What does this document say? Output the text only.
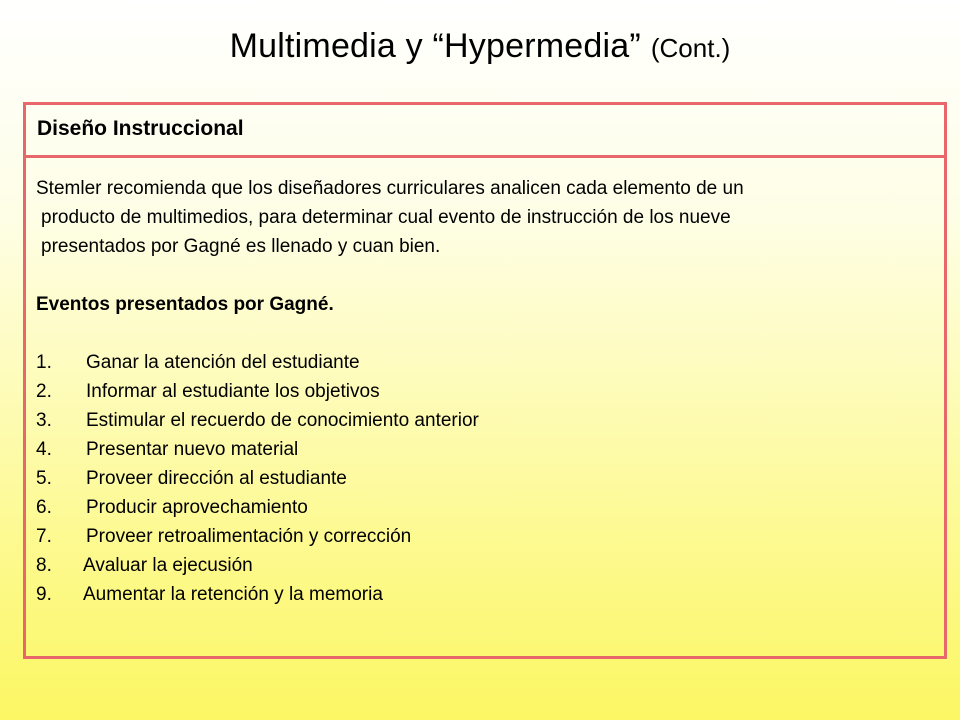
Multimedia y “Hypermedia” (Cont.)
Diseño Instruccional

Stemler recomienda que los diseñadores curriculares analicen cada elemento de un
producto de multimedios, para determinar cual evento de instrucción de los nueve
presentados por Gagné es llenado y cuan bien.

Eventos presentados por Gagné.

1.	Ganar la atención del estudiante
2.	Informar al estudiante los objetivos
3.	Estimular el recuerdo de conocimiento anterior
4.	Presentar nuevo material
5.	Proveer dirección al estudiante
6.	Producir aprovechamiento
7.	Proveer retroalimentación y corrección
8.	Avaluar la ejecusión
9.	Aumentar la retención y la memoria
